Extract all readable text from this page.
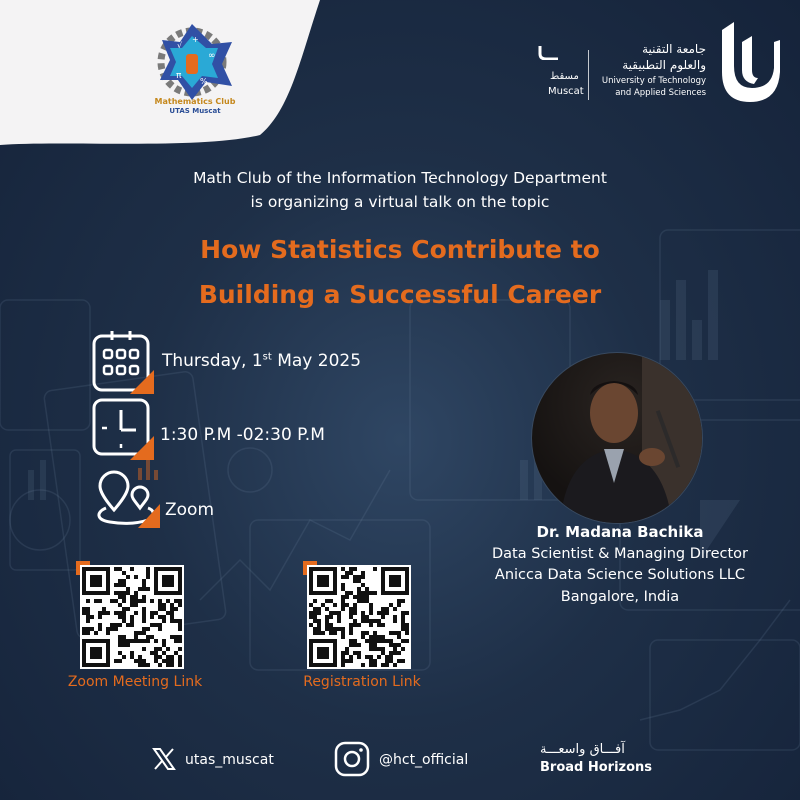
√
∞
π
%
+
Mathematics Club
UTAS Muscat
مسقط
Muscat
جامعة التقنية
والعلوم التطبيقية
University of Technology
and Applied Sciences
Math Club of the Information Technology Department
is organizing a virtual talk on the topic
How Statistics Contribute to
Building a Successful Career
Thursday, 1st May 2025
1:30 P.M -02:30 P.M
Zoom
Dr. Madana Bachika
Data Scientist & Managing Director
Anicca Data Science Solutions LLC
Bangalore, India
Zoom Meeting Link	Registration Link
utas_muscat	@hct_official
آفـــاق واسعـــة
Broad Horizons
